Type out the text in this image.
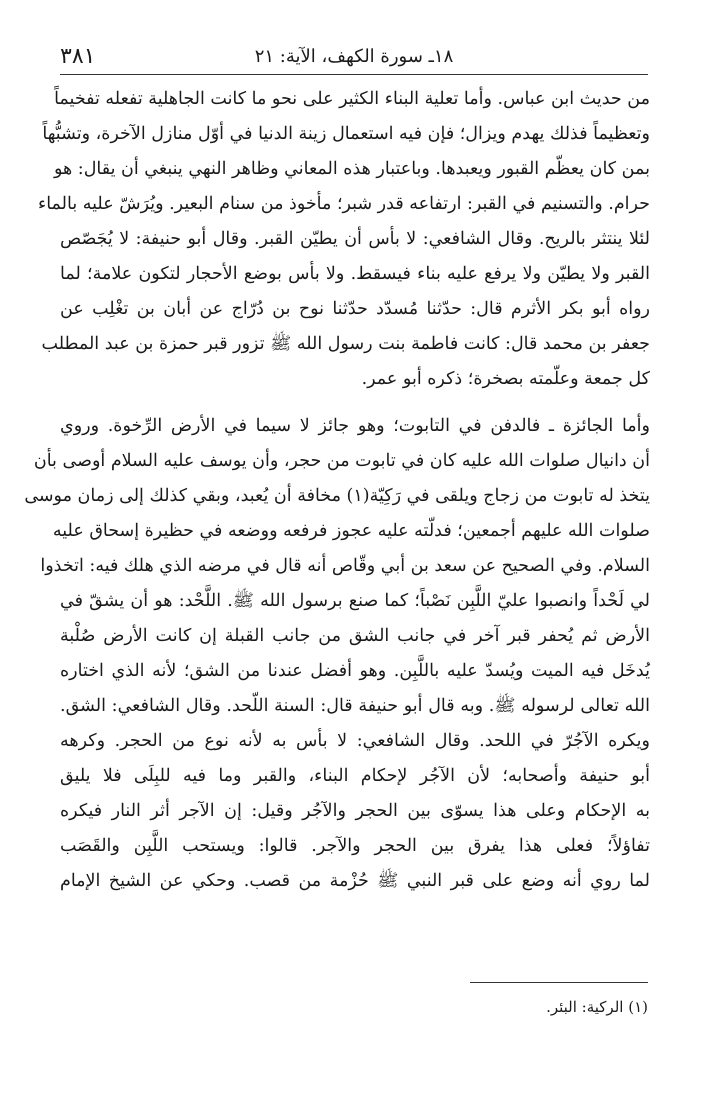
٣٨١	١٨ـ سورة الكهف، الآية: ٢١
من حديث ابن عباس. وأما تعلية البناء الكثير على نحو ما كانت الجاهلية تفعله تفخيماً
وتعظيماً فذلك يهدم ويزال؛ فإن فيه استعمال زينة الدنيا في أوّل منازل الآخرة، وتشبُّهاً
بمن كان يعظّم القبور ويعبدها. وباعتبار هذه المعاني وظاهر النهي ينبغي أن يقال: هو
حرام. والتسنيم في القبر: ارتفاعه قدر شبر؛ مأخوذ من سنام البعير. ويُرَشّ عليه بالماء
لئلا ينتثر بالريح. وقال الشافعي: لا بأس أن يطيّن القبر. وقال أبو حنيفة: لا يُجَصّص
القبر ولا يطيّن ولا يرفع عليه بناء فيسقط. ولا بأس بوضع الأحجار لتكون علامة؛ لما
رواه أبو بكر الأثرم قال: حدّثنا مُسدّد حدّثنا نوح بن دُرّاج عن أبان بن تغْلِب عن
جعفر بن محمد قال: كانت فاطمة بنت رسول الله ﷺ تزور قبر حمزة بن عبد المطلب
كل جمعة وعلّمته بصخرة؛ ذكره أبو عمر.
وأما الجائزة ـ فالدفن في التابوت؛ وهو جائز لا سيما في الأرض الرِّخوة. وروي
أن دانيال صلوات الله عليه كان في تابوت من حجر، وأن يوسف عليه السلام أوصى بأن
يتخذ له تابوت من زجاج ويلقى في رَكِيّة(١) مخافة أن يُعبد، وبقي كذلك إلى زمان موسى
صلوات الله عليهم أجمعين؛ فدلّته عليه عجوز فرفعه ووضعه في حظيرة إسحاق عليه
السلام. وفي الصحيح عن سعد بن أبي وقّاص أنه قال في مرضه الذي هلك فيه: اتخذوا
لي لَحْداً وانصبوا عليّ اللَّبِن نَصْباً؛ كما صنع برسول الله ﷺ. اللَّحْد: هو أن يشقّ في
الأرض ثم يُحفر قبر آخر في جانب الشق من جانب القبلة إن كانت الأرض صُلْبة
يُدخَل فيه الميت ويُسدّ عليه باللَّبِن. وهو أفضل عندنا من الشق؛ لأنه الذي اختاره
الله تعالى لرسوله ﷺ. وبه قال أبو حنيفة قال: السنة اللّحد. وقال الشافعي: الشق.
ويكره الآجُرّ في اللحد. وقال الشافعي: لا بأس به لأنه نوع من الحجر. وكرهه
أبو حنيفة وأصحابه؛ لأن الآجُر لإحكام البناء، والقبر وما فيه للبِلَى فلا يليق
به الإحكام وعلى هذا يسوّى بين الحجر والآجُر وقيل: إن الآجر أثر النار فيكره
تفاؤلاً؛ فعلى هذا يفرق بين الحجر والآجر. قالوا: ويستحب اللَّبِن والقَصَب
لما روي أنه وضع على قبر النبي ﷺ حُزْمة من قصب. وحكي عن الشيخ الإمام
(١) الركية: البئر.
